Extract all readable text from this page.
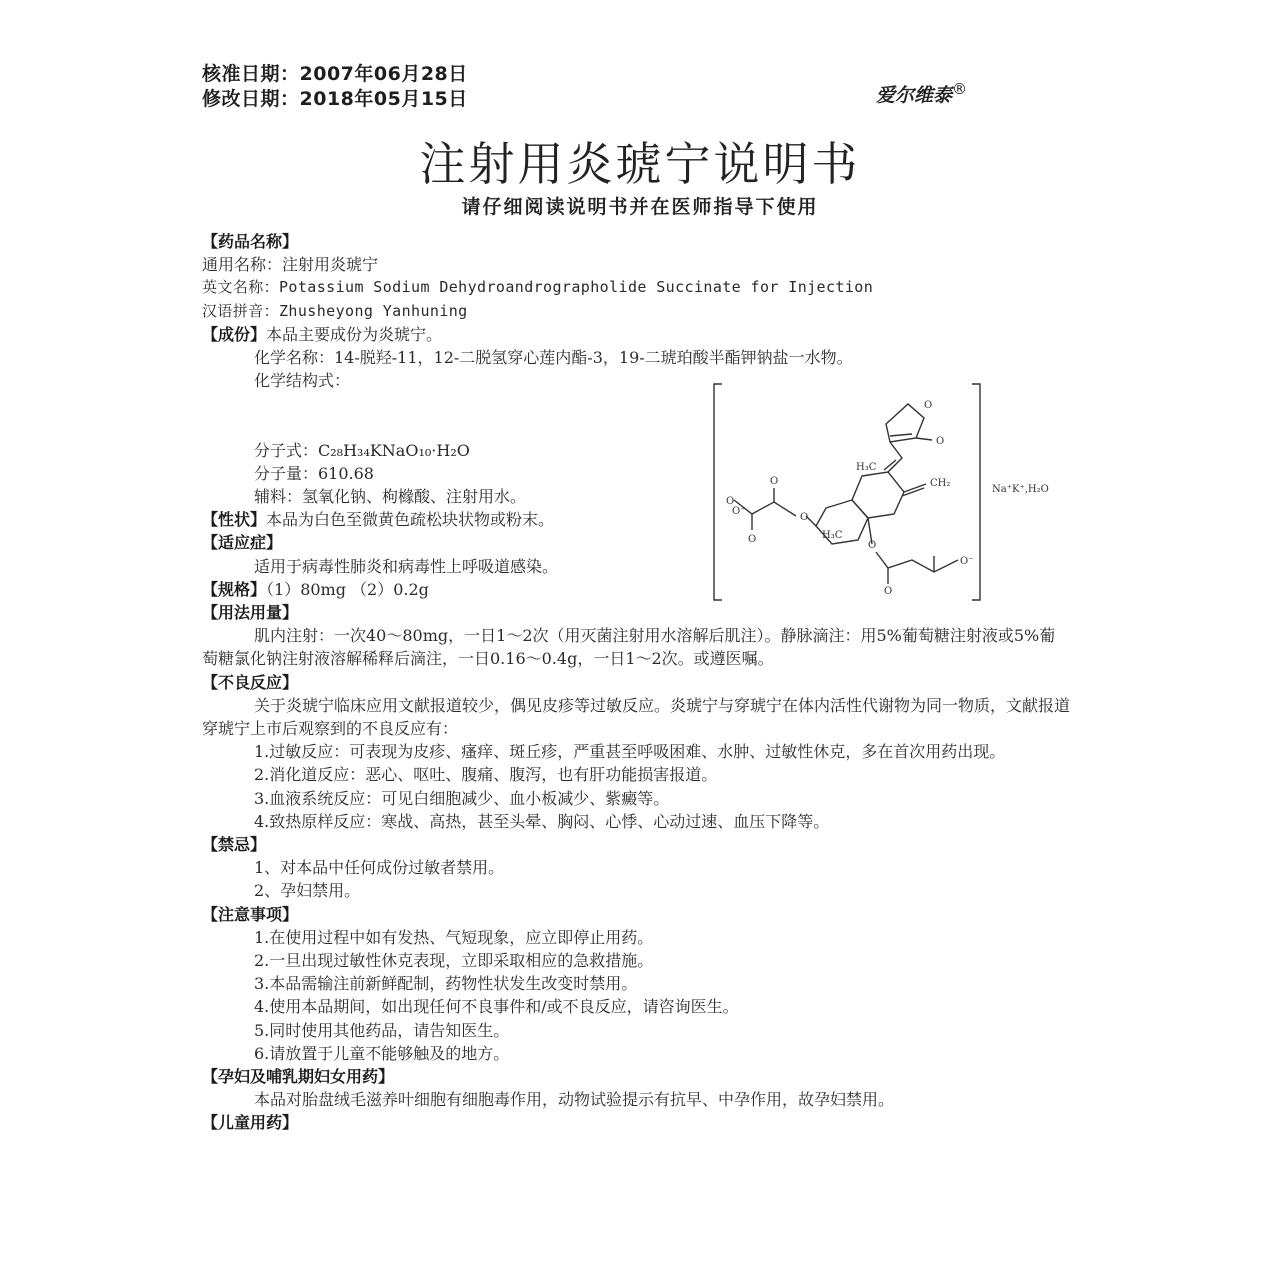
核准日期：2007年06月28日
修改日期：2018年05月15日	爱尔维泰®
注射用炎琥宁说明书
请仔细阅读说明书并在医师指导下使用
【药品名称】
通用名称：注射用炎琥宁
英文名称：Potassium Sodium Dehydroandrographolide Succinate for Injection
汉语拼音：Zhusheyong Yanhuning
【成份】本品主要成份为炎琥宁。
化学名称：14-脱羟-11，12-二脱氢穿心莲内酯-3，19-二琥珀酸半酯钾钠盐一水物。
化学结构式：
分子式：C₂₈H₃₄KNaO₁₀·H₂O
分子量：610.68
辅料：氢氧化钠、枸橼酸、注射用水。
【性状】本品为白色至微黄色疏松块状物或粉末。
【适应症】
适用于病毒性肺炎和病毒性上呼吸道感染。
【规格】（1）80mg （2）0.2g
【用法用量】
肌内注射：一次40～80mg，一日1～2次（用灭菌注射用水溶解后肌注）。静脉滴注：用5%葡萄糖注射液或5%葡萄糖氯化钠注射液溶解稀释后滴注，一日0.16～0.4g，一日1～2次。或遵医嘱。
【不良反应】
关于炎琥宁临床应用文献报道较少，偶见皮疹等过敏反应。炎琥宁与穿琥宁在体内活性代谢物为同一物质，文献报道穿琥宁上市后观察到的不良反应有：
1.过敏反应：可表现为皮疹、瘙痒、斑丘疹，严重甚至呼吸困难、水肿、过敏性休克，多在首次用药出现。
2.消化道反应：恶心、呕吐、腹痛、腹泻，也有肝功能损害报道。
3.血液系统反应：可见白细胞减少、血小板减少、紫癜等。
4.致热原样反应：寒战、高热，甚至头晕、胸闷、心悸、心动过速、血压下降等。
【禁忌】
1、对本品中任何成份过敏者禁用。
2、孕妇禁用。
【注意事项】
1.在使用过程中如有发热、气短现象，应立即停止用药。
2.一旦出现过敏性休克表现，立即采取相应的急救措施。
3.本品需输注前新鲜配制，药物性状发生改变时禁用。
4.使用本品期间，如出现任何不良事件和/或不良反应，请咨询医生。
5.同时使用其他药品，请告知医生。
6.请放置于儿童不能够触及的地方。
【孕妇及哺乳期妇女用药】
本品对胎盘绒毛滋养叶细胞有细胞毒作用，动物试验提示有抗早、中孕作用，故孕妇禁用。
【儿童用药】
O
O
H₃C
CH₂
Na⁺K⁺,H₂O
O
O
O
O⁻
H₃C
O
O
O⁻
O
